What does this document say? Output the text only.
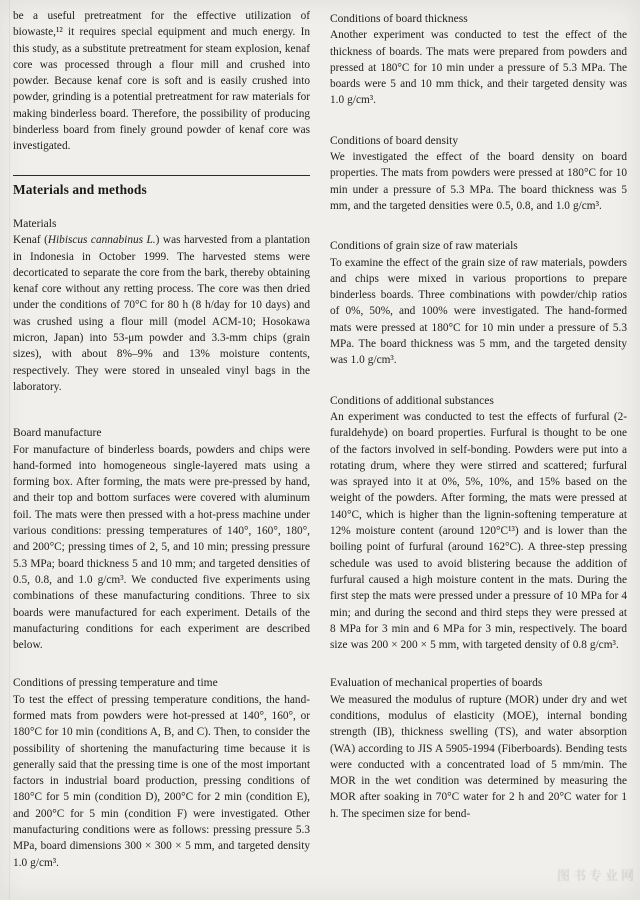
be a useful pretreatment for the effective utilization of biowaste,¹² it requires special equipment and much energy. In this study, as a substitute pretreatment for steam explosion, kenaf core was processed through a flour mill and crushed into powder. Because kenaf core is soft and is easily crushed into powder, grinding is a potential pretreatment for raw materials for making binderless board. Therefore, the possibility of producing binderless board from finely ground powder of kenaf core was investigated.

Materials and methods

Materials

Kenaf (Hibiscus cannabinus L.) was harvested from a plantation in Indonesia in October 1999. The harvested stems were decorticated to separate the core from the bark, thereby obtaining kenaf core without any retting process. The core was then dried under the conditions of 70°C for 80 h (8 h/day for 10 days) and was crushed using a flour mill (model ACM-10; Hosokawa micron, Japan) into 53-μm powder and 3.3-mm chips (grain sizes), with about 8%–9% and 13% moisture contents, respectively. They were stored in unsealed vinyl bags in the laboratory.

Board manufacture

For manufacture of binderless boards, powders and chips were hand-formed into homogeneous single-layered mats using a forming box. After forming, the mats were pre-pressed by hand, and their top and bottom surfaces were covered with aluminum foil. The mats were then pressed with a hot-press machine under various conditions: pressing temperatures of 140°, 160°, 180°, and 200°C; pressing times of 2, 5, and 10 min; pressing pressure 5.3 MPa; board thickness 5 and 10 mm; and targeted densities of 0.5, 0.8, and 1.0 g/cm³. We conducted five experiments using combinations of these manufacturing conditions. Three to six boards were manufactured for each experiment. Details of the manufacturing conditions for each experiment are described below.

Conditions of pressing temperature and time

To test the effect of pressing temperature conditions, the hand-formed mats from powders were hot-pressed at 140°, 160°, or 180°C for 10 min (conditions A, B, and C). Then, to consider the possibility of shortening the manufacturing time because it is generally said that the pressing time is one of the most important factors in industrial board production, pressing conditions of 180°C for 5 min (condition D), 200°C for 2 min (condition E), and 200°C for 5 min (condition F) were investigated. Other manufacturing conditions were as follows: pressing pressure 5.3 MPa, board dimensions 300 × 300 × 5 mm, and targeted density 1.0 g/cm³.

Conditions of board thickness

Another experiment was conducted to test the effect of the thickness of boards. The mats were prepared from powders and pressed at 180°C for 10 min under a pressure of 5.3 MPa. The boards were 5 and 10 mm thick, and their targeted density was 1.0 g/cm³.

Conditions of board density

We investigated the effect of the board density on board properties. The mats from powders were pressed at 180°C for 10 min under a pressure of 5.3 MPa. The board thickness was 5 mm, and the targeted densities were 0.5, 0.8, and 1.0 g/cm³.

Conditions of grain size of raw materials

To examine the effect of the grain size of raw materials, powders and chips were mixed in various proportions to prepare binderless boards. Three combinations with powder/chip ratios of 0%, 50%, and 100% were investigated. The hand-formed mats were pressed at 180°C for 10 min under a pressure of 5.3 MPa. The board thickness was 5 mm, and the targeted density was 1.0 g/cm³.

Conditions of additional substances

An experiment was conducted to test the effects of furfural (2-furaldehyde) on board properties. Furfural is thought to be one of the factors involved in self-bonding. Powders were put into a rotating drum, where they were stirred and scattered; furfural was sprayed into it at 0%, 5%, 10%, and 15% based on the weight of the powders. After forming, the mats were pressed at 140°C, which is higher than the lignin-softening temperature at 12% moisture content (around 120°C¹³) and is lower than the boiling point of furfural (around 162°C). A three-step pressing schedule was used to avoid blistering because the addition of furfural caused a high moisture content in the mats. During the first step the mats were pressed under a pressure of 10 MPa for 4 min; and during the second and third steps they were pressed at 8 MPa for 3 min and 6 MPa for 3 min, respectively. The board size was 200 × 200 × 5 mm, with targeted density of 0.8 g/cm³.

Evaluation of mechanical properties of boards

We measured the modulus of rupture (MOR) under dry and wet conditions, modulus of elasticity (MOE), internal bonding strength (IB), thickness swelling (TS), and water absorption (WA) according to JIS A 5905-1994 (Fiberboards). Bending tests were conducted with a concentrated load of 5 mm/min. The MOR in the wet condition was determined by measuring the MOR after soaking in 70°C water for 2 h and 20°C water for 1 h. The specimen size for bend-

图书专业网
